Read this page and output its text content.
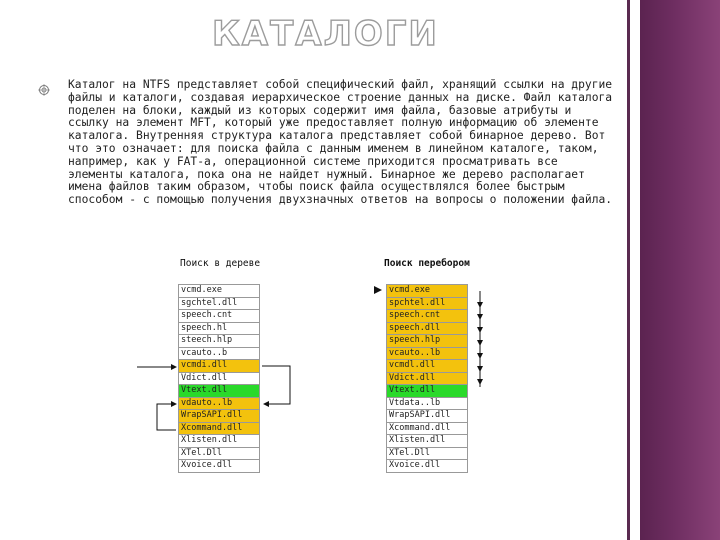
КАТАЛОГИ
Каталог на NTFS представляет собой специфический файл, хранящий ссылки на другие файлы и каталоги, создавая иерархическое строение данных на диске. Файл каталога поделен на блоки, каждый из которых содержит имя файла, базовые атрибуты и ссылку на элемент MFT, который уже предоставляет полную информацию об элементе каталога. Внутренняя структура каталога представляет собой бинарное дерево. Вот что это означает: для поиска файла с данным именем в линейном каталоге, таком, например, как у FAT-а, операционной системе приходится просматривать все элементы каталога, пока она не найдет нужный. Бинарное же дерево располагает имена файлов таким образом, чтобы поиск файла осуществлялся более быстрым способом - с помощью получения двухзначных ответов на вопросы о положении файла.
Поиск в дереве	Поиск перебором
vcmd.exe
sgchtel.dll
speech.cnt
speech.hl
steech.hlp
vcauto..b
vcmdi.dll
Vdict.dll
Vtext.dll
vdauto..lb
WrapSAPI.dll
Xcommand.dll
Xlisten.dll
XTel.Dll
Xvoice.dll
vcmd.exe
spchtel.dll
speech.cnt
speech.dll
speech.hlp
vcauto..lb
vcmdl.dll
Vdict.dll
Vtext.dll
Vtdata..lb
WrapSAPI.dll
Xcommand.dll
Xlisten.dll
XTel.Dll
Xvoice.dll
